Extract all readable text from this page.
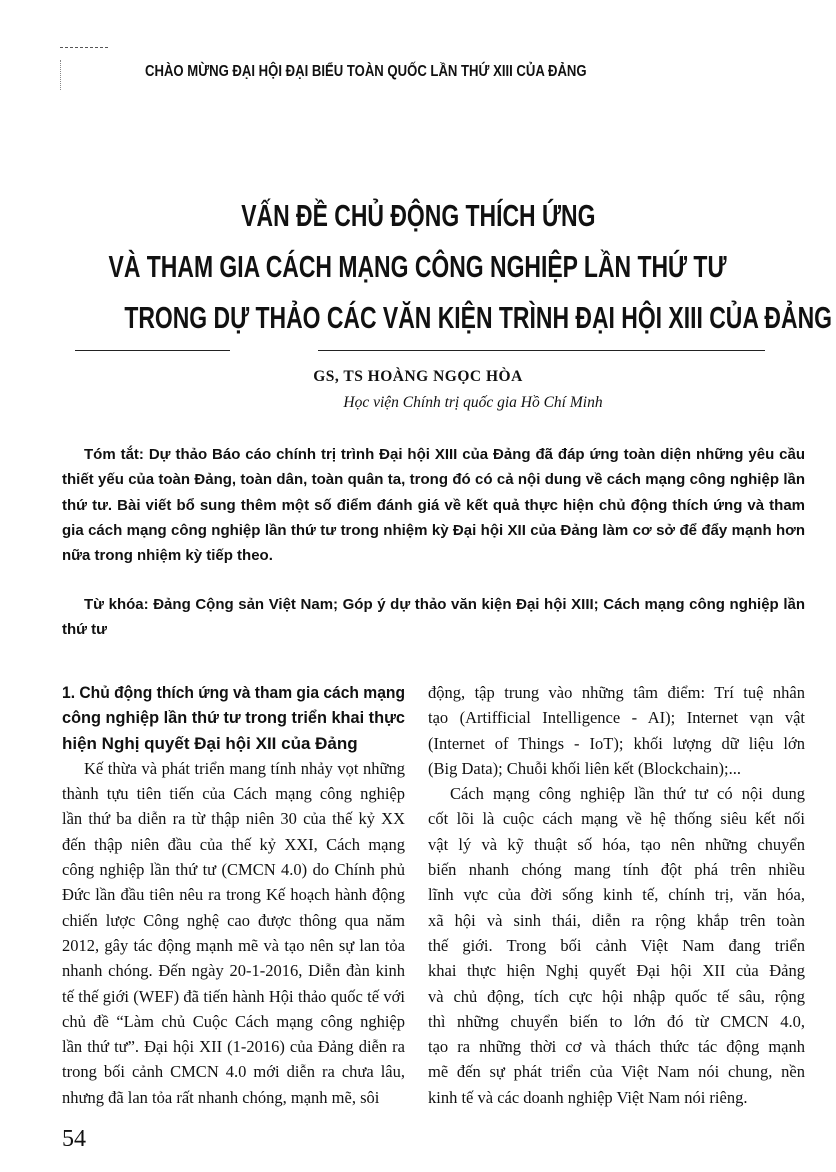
CHÀO MỪNG ĐẠI HỘI ĐẠI BIỂU TOÀN QUỐC LẦN THỨ XIII CỦA ĐẢNG
VẤN ĐỀ CHỦ ĐỘNG THÍCH ỨNG
VÀ THAM GIA CÁCH MẠNG CÔNG NGHIỆP LẦN THỨ TƯ
TRONG DỰ THẢO CÁC VĂN KIỆN TRÌNH ĐẠI HỘI XIII CỦA ĐẢNG
GS, TS HOÀNG NGỌC HÒA
Học viện Chính trị quốc gia Hồ Chí Minh
Tóm tắt: Dự thảo Báo cáo chính trị trình Đại hội XIII của Đảng đã đáp ứng toàn diện những yêu cầu
thiết yếu của toàn Đảng, toàn dân, toàn quân ta, trong đó có cả nội dung về cách mạng công nghiệp lần
thứ tư. Bài viết bổ sung thêm một số điểm đánh giá về kết quả thực hiện chủ động thích ứng và tham
gia cách mạng công nghiệp lần thứ tư trong nhiệm kỳ Đại hội XII của Đảng làm cơ sở để đẩy mạnh hơn
nữa trong nhiệm kỳ tiếp theo.
Từ khóa: Đảng Cộng sản Việt Nam; Góp ý dự thảo văn kiện Đại hội XIII; Cách mạng công nghiệp lần
thứ tư
1. Chủ động thích ứng và tham gia cách mạng
công nghiệp lần thứ tư trong triển khai thực
hiện Nghị quyết Đại hội XII của Đảng
Kế thừa và phát triển mang tính nhảy vọt những
thành tựu tiên tiến của Cách mạng công nghiệp
lần thứ ba diễn ra từ thập niên 30 của thế kỷ XX
đến thập niên đầu của thế kỷ XXI, Cách mạng
công nghiệp lần thứ tư (CMCN 4.0) do Chính phủ
Đức lần đầu tiên nêu ra trong Kế hoạch hành động
chiến lược Công nghệ cao được thông qua năm
2012, gây tác động mạnh mẽ và tạo nên sự lan tỏa
nhanh chóng. Đến ngày 20-1-2016, Diễn đàn kinh
tế thế giới (WEF) đã tiến hành Hội thảo quốc tế với
chủ đề “Làm chủ Cuộc Cách mạng công nghiệp
lần thứ tư”. Đại hội XII (1-2016) của Đảng diễn ra
trong bối cảnh CMCN 4.0 mới diễn ra chưa lâu,
nhưng đã lan tỏa rất nhanh chóng, mạnh mẽ, sôi
động, tập trung vào những tâm điểm: Trí tuệ nhân
tạo (Artifficial Intelligence - AI); Internet vạn vật
(Internet of Things - IoT); khối lượng dữ liệu lớn
(Big Data); Chuỗi khối liên kết (Blockchain);...
Cách mạng công nghiệp lần thứ tư có nội dung
cốt lõi là cuộc cách mạng về hệ thống siêu kết nối
vật lý và kỹ thuật số hóa, tạo nên những chuyển
biến nhanh chóng mang tính đột phá trên nhiều
lĩnh vực của đời sống kinh tế, chính trị, văn hóa,
xã hội và sinh thái, diễn ra rộng khắp trên toàn
thế giới. Trong bối cảnh Việt Nam đang triển
khai thực hiện Nghị quyết Đại hội XII của Đảng
và chủ động, tích cực hội nhập quốc tế sâu, rộng
thì những chuyển biến to lớn đó từ CMCN 4.0,
tạo ra những thời cơ và thách thức tác động mạnh
mẽ đến sự phát triển của Việt Nam nói chung, nền
kinh tế và các doanh nghiệp Việt Nam nói riêng.
54
